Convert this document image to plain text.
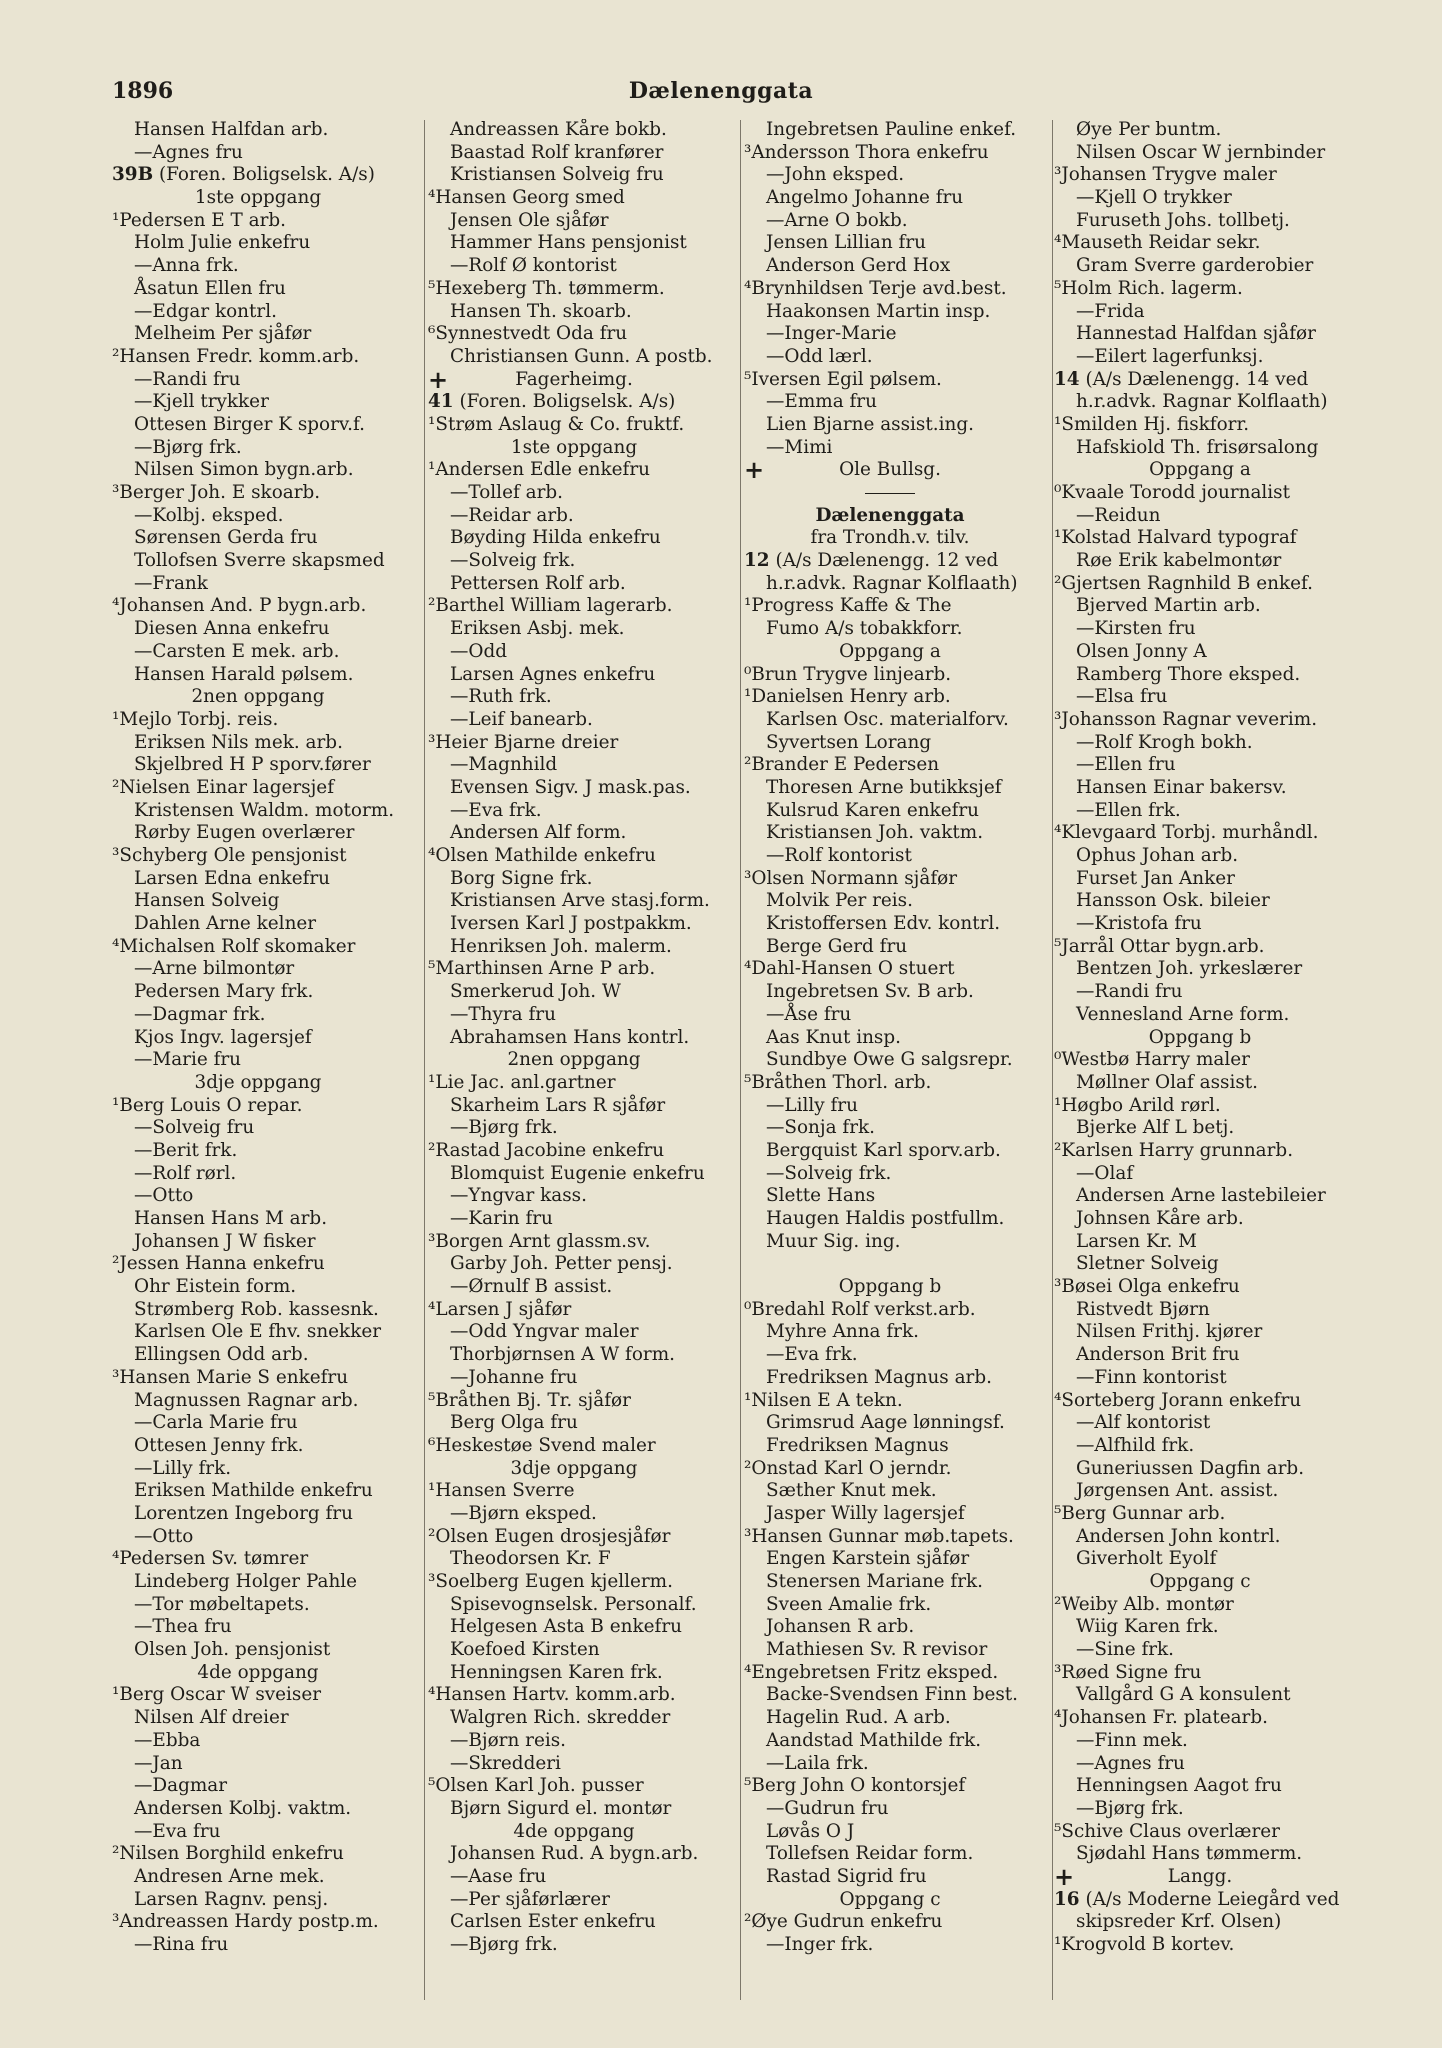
1896	Dælenenggata
Hansen Halfdan arb.
—Agnes fru
39B (Foren. Boligselsk. A/s)
1ste oppgang
¹Pedersen E T arb.
Holm Julie enkefru
—Anna frk.
Åsatun Ellen fru
—Edgar kontrl.
Melheim Per sjåfør
²Hansen Fredr. komm.arb.
—Randi fru
—Kjell trykker
Ottesen Birger K sporv.f.
—Bjørg frk.
Nilsen Simon bygn.arb.
³Berger Joh. E skoarb.
—Kolbj. eksped.
Sørensen Gerda fru
Tollofsen Sverre skapsmed
—Frank
⁴Johansen And. P bygn.arb.
Diesen Anna enkefru
—Carsten E mek. arb.
Hansen Harald pølsem.
2nen oppgang
¹Mejlo Torbj. reis.
Eriksen Nils mek. arb.
Skjelbred H P sporv.fører
²Nielsen Einar lagersjef
Kristensen Waldm. motorm.
Rørby Eugen overlærer
³Schyberg Ole pensjonist
Larsen Edna enkefru
Hansen Solveig
Dahlen Arne kelner
⁴Michalsen Rolf skomaker
—Arne bilmontør
Pedersen Mary frk.
—Dagmar frk.
Kjos Ingv. lagersjef
—Marie fru
3dje oppgang
¹Berg Louis O repar.
—Solveig fru
—Berit frk.
—Rolf rørl.
—Otto
Hansen Hans M arb.
Johansen J W fisker
²Jessen Hanna enkefru
Ohr Eistein form.
Strømberg Rob. kassesnk.
Karlsen Ole E fhv. snekker
Ellingsen Odd arb.
³Hansen Marie S enkefru
Magnussen Ragnar arb.
—Carla Marie fru
Ottesen Jenny frk.
—Lilly frk.
Eriksen Mathilde enkefru
Lorentzen Ingeborg fru
—Otto
⁴Pedersen Sv. tømrer
Lindeberg Holger Pahle
—Tor møbeltapets.
—Thea fru
Olsen Joh. pensjonist
4de oppgang
¹Berg Oscar W sveiser
Nilsen Alf dreier
—Ebba
—Jan
—Dagmar
Andersen Kolbj. vaktm.
—Eva fru
²Nilsen Borghild enkefru
Andresen Arne mek.
Larsen Ragnv. pensj.
³Andreassen Hardy postp.m.
—Rina fru
Andreassen Kåre bokb.
Baastad Rolf kranfører
Kristiansen Solveig fru
⁴Hansen Georg smed
Jensen Ole sjåfør
Hammer Hans pensjonist
—Rolf Ø kontorist
⁵Hexeberg Th. tømmerm.
Hansen Th. skoarb.
⁶Synnestvedt Oda fru
Christiansen Gunn. A postb.
+	Fagerheimg.
41 (Foren. Boligselsk. A/s)
¹Strøm Aslaug & Co. fruktf.
1ste oppgang
¹Andersen Edle enkefru
—Tollef arb.
—Reidar arb.
Bøyding Hilda enkefru
—Solveig frk.
Pettersen Rolf arb.
²Barthel William lagerarb.
Eriksen Asbj. mek.
—Odd
Larsen Agnes enkefru
—Ruth frk.
—Leif banearb.
³Heier Bjarne dreier
—Magnhild
Evensen Sigv. J mask.pas.
—Eva frk.
Andersen Alf form.
⁴Olsen Mathilde enkefru
Borg Signe frk.
Kristiansen Arve stasj.form.
Iversen Karl J postpakkm.
Henriksen Joh. malerm.
⁵Marthinsen Arne P arb.
Smerkerud Joh. W
—Thyra fru
Abrahamsen Hans kontrl.
2nen oppgang
¹Lie Jac. anl.gartner
Skarheim Lars R sjåfør
—Bjørg frk.
²Rastad Jacobine enkefru
Blomquist Eugenie enkefru
—Yngvar kass.
—Karin fru
³Borgen Arnt glassm.sv.
Garby Joh. Petter pensj.
—Ørnulf B assist.
⁴Larsen J sjåfør
—Odd Yngvar maler
Thorbjørnsen A W form.
—Johanne fru
⁵Bråthen Bj. Tr. sjåfør
Berg Olga fru
⁶Heskestøe Svend maler
3dje oppgang
¹Hansen Sverre
—Bjørn eksped.
²Olsen Eugen drosjesjåfør
Theodorsen Kr. F
³Soelberg Eugen kjellerm.
Spisevognselsk. Personalf.
Helgesen Asta B enkefru
Koefoed Kirsten
Henningsen Karen frk.
⁴Hansen Hartv. komm.arb.
Walgren Rich. skredder
—Bjørn reis.
—Skredderi
⁵Olsen Karl Joh. pusser
Bjørn Sigurd el. montør
4de oppgang
Johansen Rud. A bygn.arb.
—Aase fru
—Per sjåførlærer
Carlsen Ester enkefru
—Bjørg frk.
Ingebretsen Pauline enkef.
³Andersson Thora enkefru
—John eksped.
Angelmo Johanne fru
—Arne O bokb.
Jensen Lillian fru
Anderson Gerd Hox
⁴Brynhildsen Terje avd.best.
Haakonsen Martin insp.
—Inger-Marie
—Odd lærl.
⁵Iversen Egil pølsem.
—Emma fru
Lien Bjarne assist.ing.
—Mimi
+	Ole Bullsg.
Dælenenggata
fra Trondh.v. tilv.
12 (A/s Dælenengg. 12 ved
h.r.advk. Ragnar Kolflaath)
¹Progress Kaffe & The
Fumo A/s tobakkforr.
Oppgang a
⁰Brun Trygve linjearb.
¹Danielsen Henry arb.
Karlsen Osc. materialforv.
Syvertsen Lorang
²Brander E Pedersen
Thoresen Arne butikksjef
Kulsrud Karen enkefru
Kristiansen Joh. vaktm.
—Rolf kontorist
³Olsen Normann sjåfør
Molvik Per reis.
Kristoffersen Edv. kontrl.
Berge Gerd fru
⁴Dahl-Hansen O stuert
Ingebretsen Sv. B arb.
—Åse fru
Aas Knut insp.
Sundbye Owe G salgsrepr.
⁵Bråthen Thorl. arb.
—Lilly fru
—Sonja frk.
Bergquist Karl sporv.arb.
—Solveig frk.
Slette Hans
Haugen Haldis postfullm.
Muur Sig. ing.
Oppgang b
⁰Bredahl Rolf verkst.arb.
Myhre Anna frk.
—Eva frk.
Fredriksen Magnus arb.
¹Nilsen E A tekn.
Grimsrud Aage lønningsf.
Fredriksen Magnus
²Onstad Karl O jerndr.
Sæther Knut mek.
Jasper Willy lagersjef
³Hansen Gunnar møb.tapets.
Engen Karstein sjåfør
Stenersen Mariane frk.
Sveen Amalie frk.
Johansen R arb.
Mathiesen Sv. R revisor
⁴Engebretsen Fritz eksped.
Backe-Svendsen Finn best.
Hagelin Rud. A arb.
Aandstad Mathilde frk.
—Laila frk.
⁵Berg John O kontorsjef
—Gudrun fru
Løvås O J
Tollefsen Reidar form.
Rastad Sigrid fru
Oppgang c
²Øye Gudrun enkefru
—Inger frk.
Øye Per buntm.
Nilsen Oscar W jernbinder
³Johansen Trygve maler
—Kjell O trykker
Furuseth Johs. tollbetj.
⁴Mauseth Reidar sekr.
Gram Sverre garderobier
⁵Holm Rich. lagerm.
—Frida
Hannestad Halfdan sjåfør
—Eilert lagerfunksj.
14 (A/s Dælenengg. 14 ved
h.r.advk. Ragnar Kolflaath)
¹Smilden Hj. fiskforr.
Hafskiold Th. frisørsalong
Oppgang a
⁰Kvaale Torodd journalist
—Reidun
¹Kolstad Halvard typograf
Røe Erik kabelmontør
²Gjertsen Ragnhild B enkef.
Bjerved Martin arb.
—Kirsten fru
Olsen Jonny A
Ramberg Thore eksped.
—Elsa fru
³Johansson Ragnar veverim.
—Rolf Krogh bokh.
—Ellen fru
Hansen Einar bakersv.
—Ellen frk.
⁴Klevgaard Torbj. murhåndl.
Ophus Johan arb.
Furset Jan Anker
Hansson Osk. bileier
—Kristofa fru
⁵Jarrål Ottar bygn.arb.
Bentzen Joh. yrkeslærer
—Randi fru
Vennesland Arne form.
Oppgang b
⁰Westbø Harry maler
Møllner Olaf assist.
¹Høgbo Arild rørl.
Bjerke Alf L betj.
²Karlsen Harry grunnarb.
—Olaf
Andersen Arne lastebileier
Johnsen Kåre arb.
Larsen Kr. M
Sletner Solveig
³Bøsei Olga enkefru
Ristvedt Bjørn
Nilsen Frithj. kjører
Anderson Brit fru
—Finn kontorist
⁴Sorteberg Jorann enkefru
—Alf kontorist
—Alfhild frk.
Guneriussen Dagfin arb.
Jørgensen Ant. assist.
⁵Berg Gunnar arb.
Andersen John kontrl.
Giverholt Eyolf
Oppgang c
²Weiby Alb. montør
Wiig Karen frk.
—Sine frk.
³Røed Signe fru
Vallgård G A konsulent
⁴Johansen Fr. platearb.
—Finn mek.
—Agnes fru
Henningsen Aagot fru
—Bjørg frk.
⁵Schive Claus overlærer
Sjødahl Hans tømmerm.
+	Langg.
16 (A/s Moderne Leiegård ved
skipsreder Krf. Olsen)
¹Krogvold B kortev.
